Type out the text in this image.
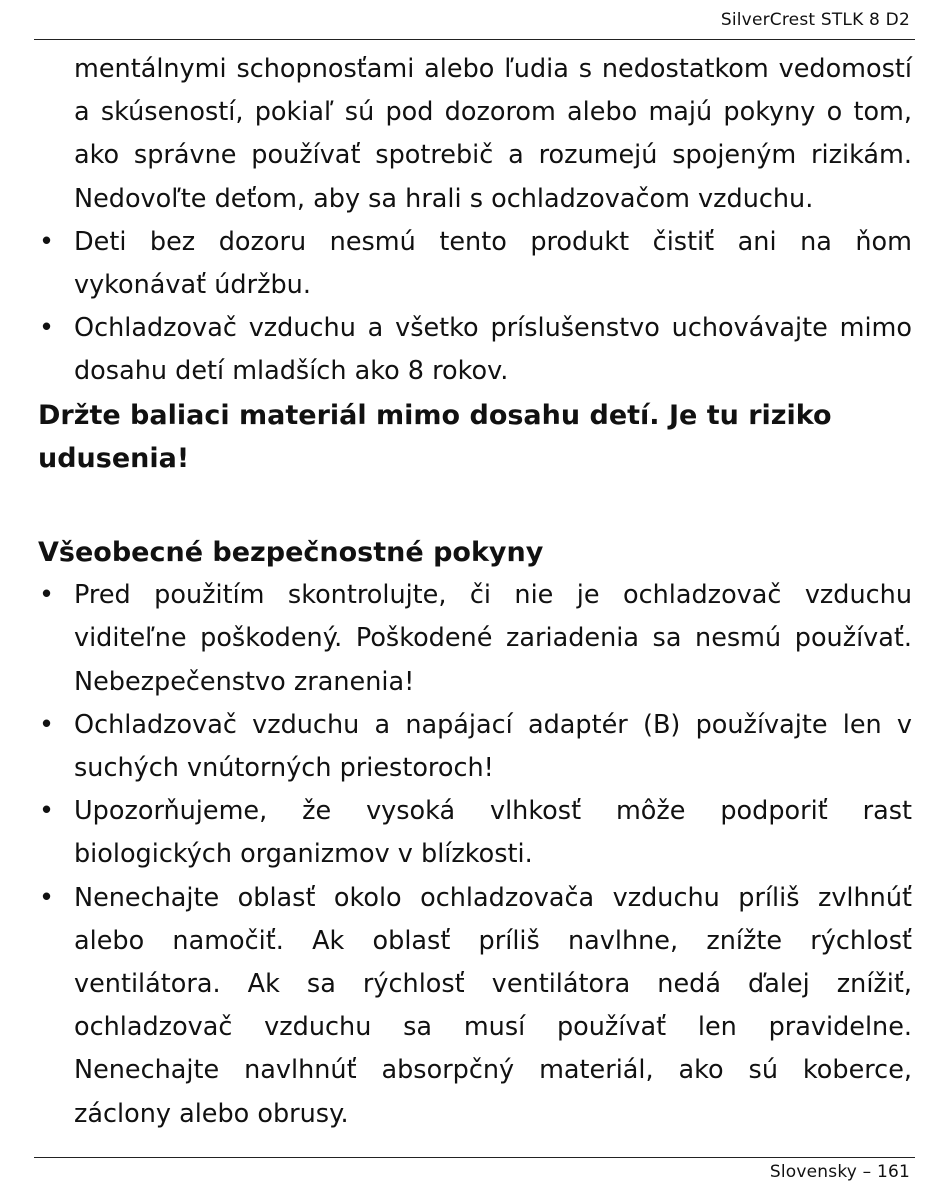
SilverCrest STLK 8 D2

mentálnymi schopnosťami alebo ľudia s nedostatkom vedomostí a skúseností, pokiaľ sú pod dozorom alebo majú pokyny o tom, ako správne používať spotrebič a rozumejú spojeným rizikám. Nedovoľte deťom, aby sa hrali s ochladzovačom vzduchu.

• Deti bez dozoru nesmú tento produkt čistiť ani na ňom vykonávať údržbu.
• Ochladzovač vzduchu a všetko príslušenstvo uchovávajte mimo dosahu detí mladších ako 8 rokov.

Držte baliaci materiál mimo dosahu detí. Je tu riziko udusenia!

Všeobecné bezpečnostné pokyny
• Pred použitím skontrolujte, či nie je ochladzovač vzduchu viditeľne poškodený. Poškodené zariadenia sa nesmú používať. Nebezpečenstvo zranenia!
• Ochladzovač vzduchu a napájací adaptér (B) používajte len v suchých vnútorných priestoroch!
• Upozorňujeme, že vysoká vlhkosť môže podporiť rast biologických organizmov v blízkosti.
• Nenechajte oblasť okolo ochladzovača vzduchu príliš zvlhnúť alebo namočiť. Ak oblasť príliš navlhne, znížte rýchlosť ventilátora. Ak sa rýchlosť ventilátora nedá ďalej znížiť, ochladzovač vzduchu sa musí používať len pravidelne. Nenechajte navlhnúť absorpčný materiál, ako sú koberce, záclony alebo obrusy.
Slovensky – 161
